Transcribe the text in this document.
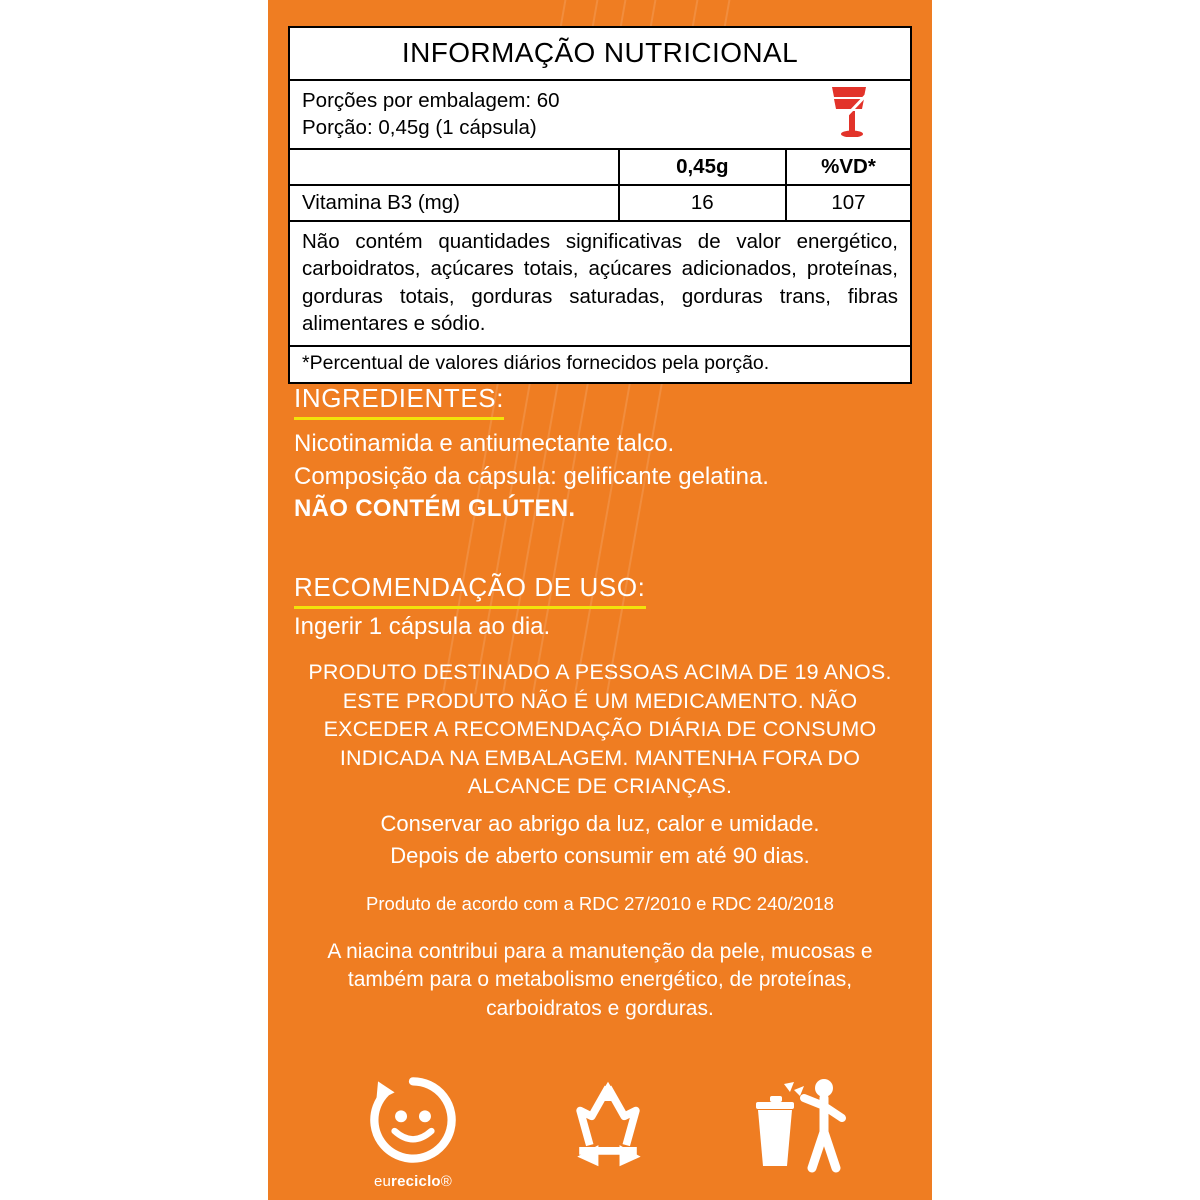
INFORMAÇÃO NUTRICIONAL
Porções por embalagem: 60
Porção: 0,45g (1 cápsula)
	0,45g	%VD*
Vitamina B3 (mg)	16	107
Não contém quantidades significativas de valor energético, carboidratos, açúcares totais, açúcares adicionados, proteínas, gorduras totais, gorduras saturadas, gorduras trans, fibras alimentares e sódio.
*Percentual de valores diários fornecidos pela porção.
INGREDIENTES:
Nicotinamida e antiumectante talco.
Composição da cápsula: gelificante gelatina.
NÃO CONTÉM GLÚTEN.
RECOMENDAÇÃO DE USO:
Ingerir 1 cápsula ao dia.
PRODUTO DESTINADO A PESSOAS ACIMA DE 19 ANOS. ESTE PRODUTO NÃO É UM MEDICAMENTO. NÃO EXCEDER A RECOMENDAÇÃO DIÁRIA DE CONSUMO INDICADA NA EMBALAGEM. MANTENHA FORA DO ALCANCE DE CRIANÇAS.
Conservar ao abrigo da luz, calor e umidade.
Depois de aberto consumir em até 90 dias.
Produto de acordo com a RDC 27/2010 e RDC 240/2018
A niacina contribui para a manutenção da pele, mucosas e também para o metabolismo energético, de proteínas, carboidratos e gorduras.
eureciclo®
